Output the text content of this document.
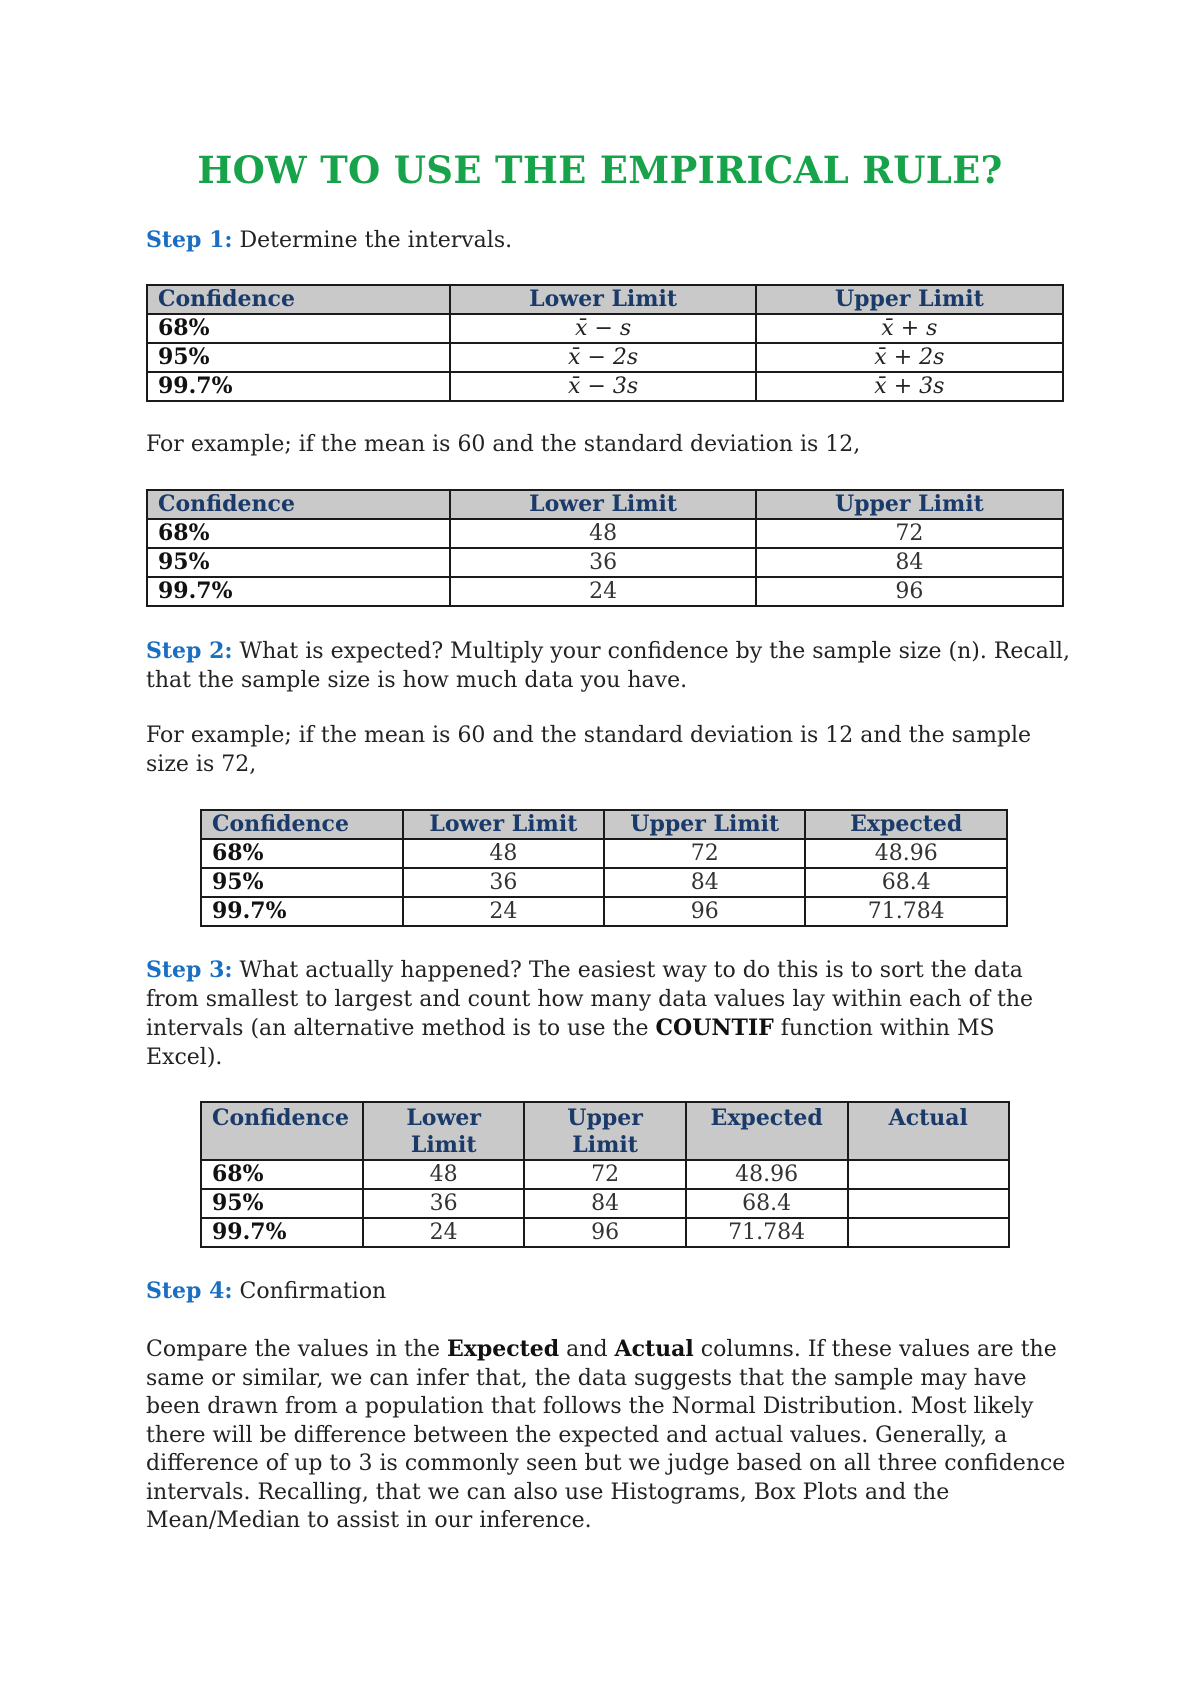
HOW TO USE THE EMPIRICAL RULE?

Step 1: Determine the intervals.

Confidence	Lower Limit	Upper Limit
68%	x̄ − s	x̄ + s
95%	x̄ − 2s	x̄ + 2s
99.7%	x̄ − 3s	x̄ + 3s

For example; if the mean is 60 and the standard deviation is 12,

Confidence	Lower Limit	Upper Limit
68%	48	72
95%	36	84
99.7%	24	96

Step 2: What is expected? Multiply your confidence by the sample size (n). Recall, that the sample size is how much data you have.

For example; if the mean is 60 and the standard deviation is 12 and the sample size is 72,

Confidence	Lower Limit	Upper Limit	Expected
68%	48	72	48.96
95%	36	84	68.4
99.7%	24	96	71.784

Step 3: What actually happened? The easiest way to do this is to sort the data from smallest to largest and count how many data values lay within each of the intervals (an alternative method is to use the COUNTIF function within MS Excel).

Confidence	Lower Limit	Upper Limit	Expected	Actual
68%	48	72	48.96	
95%	36	84	68.4	
99.7%	24	96	71.784	

Step 4: Confirmation

Compare the values in the Expected and Actual columns. If these values are the same or similar, we can infer that, the data suggests that the sample may have been drawn from a population that follows the Normal Distribution. Most likely there will be difference between the expected and actual values. Generally, a difference of up to 3 is commonly seen but we judge based on all three confidence intervals. Recalling, that we can also use Histograms, Box Plots and the Mean/Median to assist in our inference.
